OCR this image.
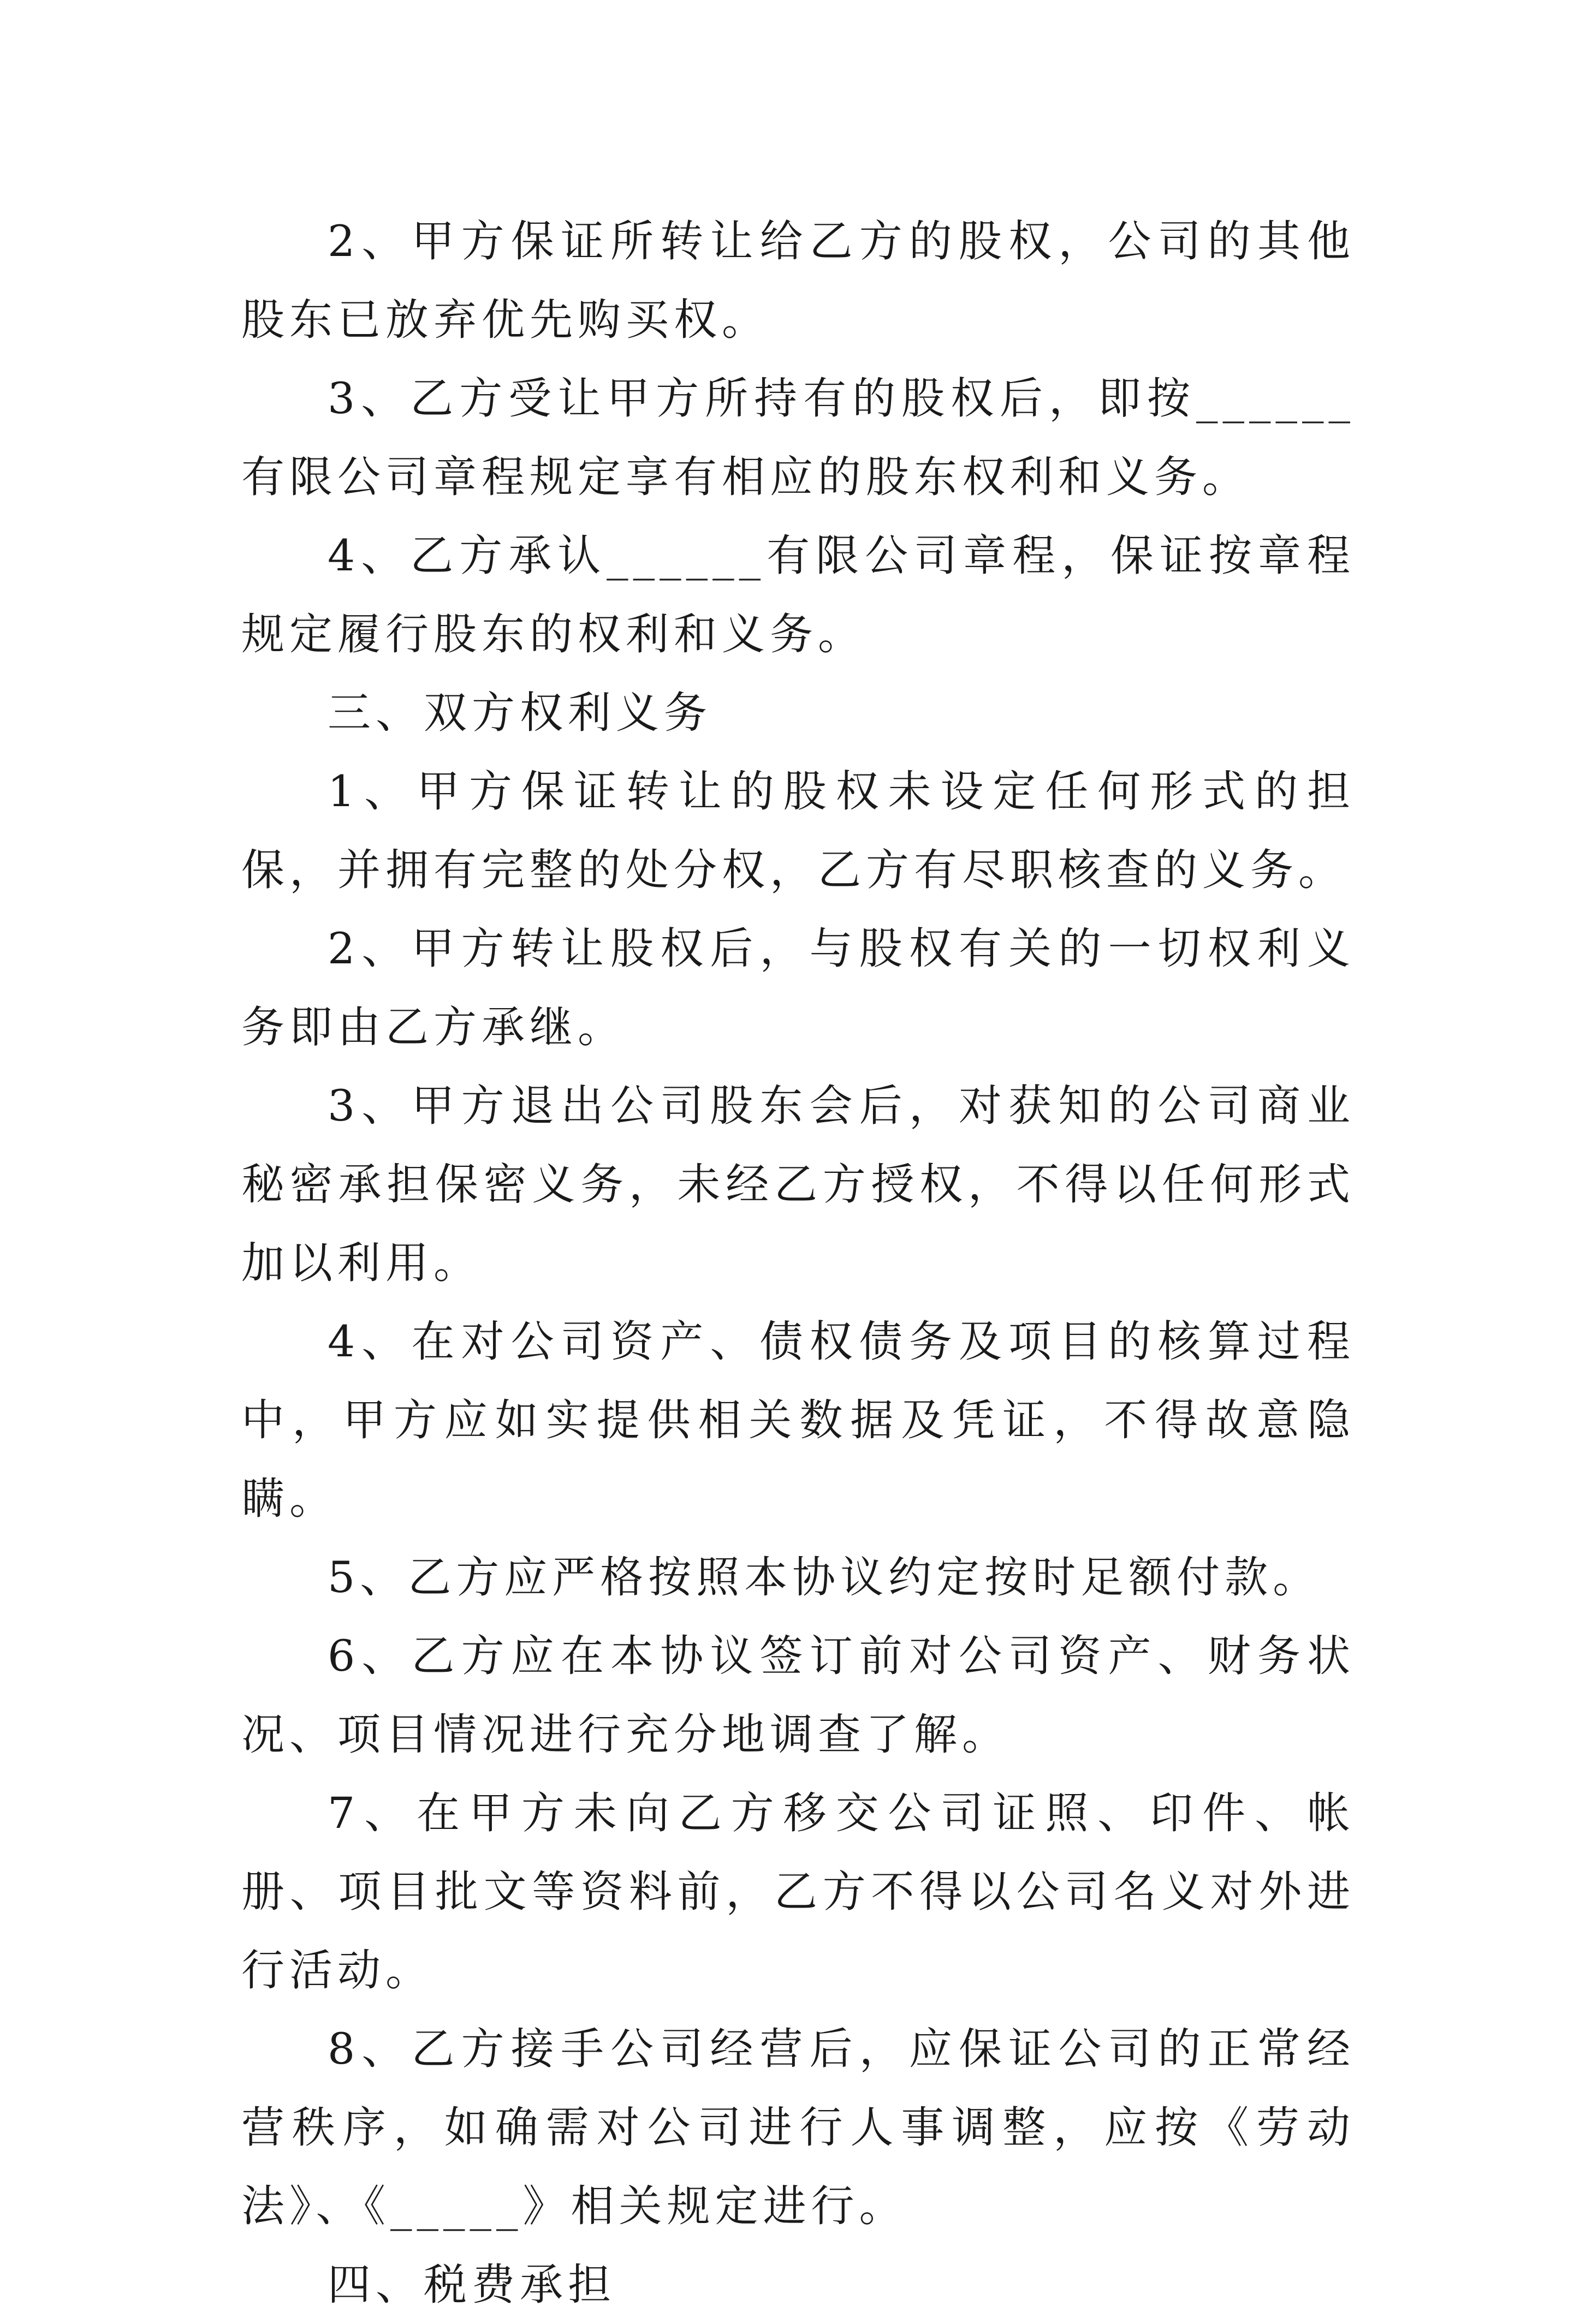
2、甲方保证所转让给乙方的股权，公司的其他股东已放弃优先购买权。

3、乙方受让甲方所持有的股权后，即按______有限公司章程规定享有相应的股东权利和义务。

4、乙方承认______有限公司章程，保证按章程规定履行股东的权利和义务。

三、双方权利义务

1、甲方保证转让的股权未设定任何形式的担保，并拥有完整的处分权，乙方有尽职核查的义务。

2、甲方转让股权后，与股权有关的一切权利义务即由乙方承继。

3、甲方退出公司股东会后，对获知的公司商业秘密承担保密义务，未经乙方授权，不得以任何形式加以利用。

4、在对公司资产、债权债务及项目的核算过程中，甲方应如实提供相关数据及凭证，不得故意隐瞒。

5、乙方应严格按照本协议约定按时足额付款。

6、乙方应在本协议签订前对公司资产、财务状况、项目情况进行充分地调查了解。

7、在甲方未向乙方移交公司证照、印件、帐册、项目批文等资料前，乙方不得以公司名义对外进行活动。

8、乙方接手公司经营后，应保证公司的正常经营秩序，如确需对公司进行人事调整，应按《劳动法》、《_____》相关规定进行。

四、税费承担
